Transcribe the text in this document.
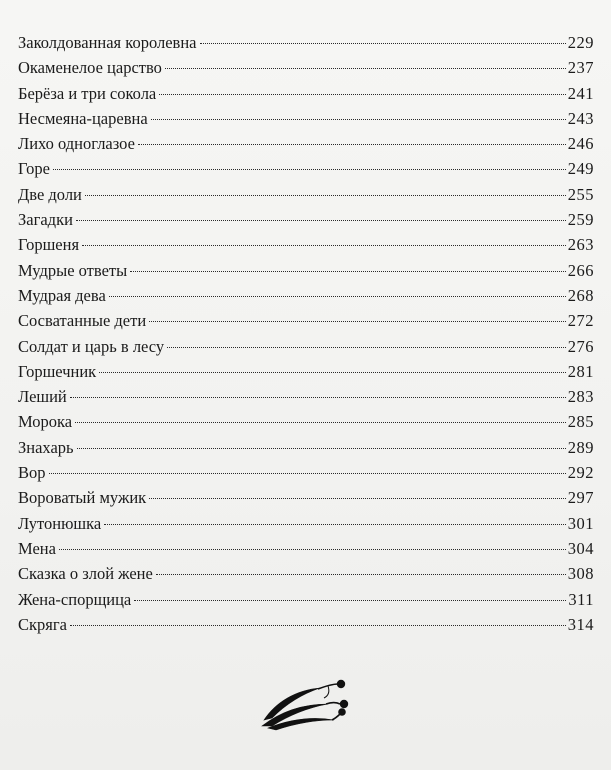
Заколдованная королевна	229
Окаменелое царство	237
Берёза и три сокола	241
Несмеяна-царевна	243
Лихо одноглазое	246
Горе	249
Две доли	255
Загадки	259
Горшеня	263
Мудрые ответы	266
Мудрая дева	268
Сосватанные дети	272
Солдат и царь в лесу	276
Горшечник	281
Леший	283
Морока	285
Знахарь	289
Вор	292
Вороватый мужик	297
Лутонюшка	301
Мена	304
Сказка о злой жене	308
Жена-спорщица	311
Скряга	314
